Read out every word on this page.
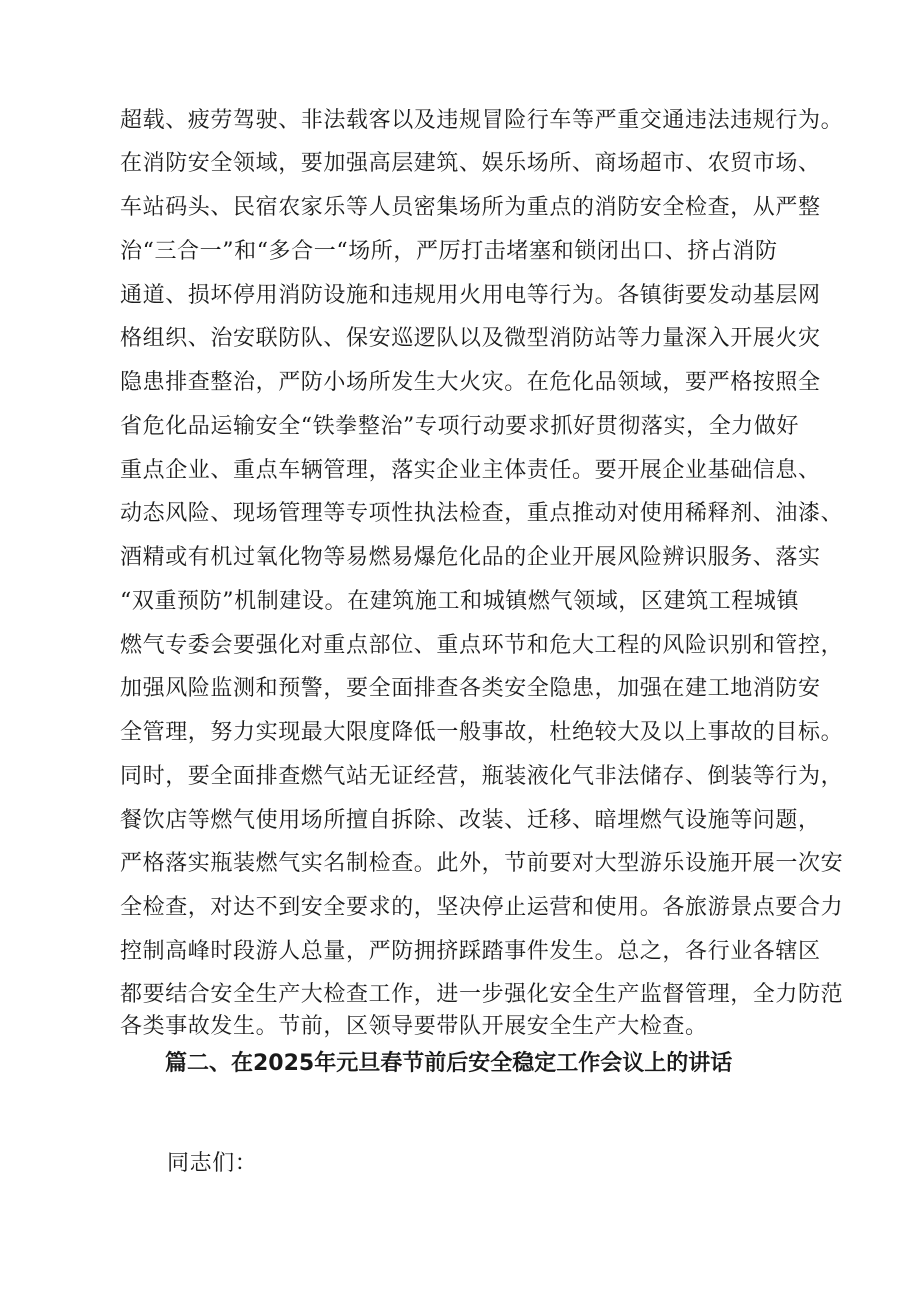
超载、疲劳驾驶、非法载客以及违规冒险行车等严重交通违法违规行为。
在消防安全领域，要加强高层建筑、娱乐场所、商场超市、农贸市场、
车站码头、民宿农家乐等人员密集场所为重点的消防安全检查，从严整
治“三合一”和“多合一“场所，严厉打击堵塞和锁闭出口、挤占消防
通道、损坏停用消防设施和违规用火用电等行为。各镇街要发动基层网
格组织、治安联防队、保安巡逻队以及微型消防站等力量深入开展火灾
隐患排查整治，严防小场所发生大火灾。在危化品领域，要严格按照全
省危化品运输安全“铁拳整治”专项行动要求抓好贯彻落实，全力做好
重点企业、重点车辆管理，落实企业主体责任。要开展企业基础信息、
动态风险、现场管理等专项性执法检查，重点推动对使用稀释剂、油漆、
酒精或有机过氧化物等易燃易爆危化品的企业开展风险辨识服务、落实
“双重预防”机制建设。在建筑施工和城镇燃气领域，区建筑工程城镇
燃气专委会要强化对重点部位、重点环节和危大工程的风险识别和管控，
加强风险监测和预警，要全面排查各类安全隐患，加强在建工地消防安
全管理，努力实现最大限度降低一般事故，杜绝较大及以上事故的目标。
同时，要全面排查燃气站无证经营，瓶装液化气非法储存、倒装等行为，
餐饮店等燃气使用场所擅自拆除、改装、迁移、暗埋燃气设施等问题，
严格落实瓶装燃气实名制检查。此外，节前要对大型游乐设施开展一次安
全检查，对达不到安全要求的，坚决停止运营和使用。各旅游景点要合力
控制高峰时段游人总量，严防拥挤踩踏事件发生。总之，各行业各辖区
都要结合安全生产大检查工作，进一步强化安全生产监督管理，全力防范
各类事故发生。节前，区领导要带队开展安全生产大检查。
篇二、在2025年元旦春节前后安全稳定工作会议上的讲话
同志们：
